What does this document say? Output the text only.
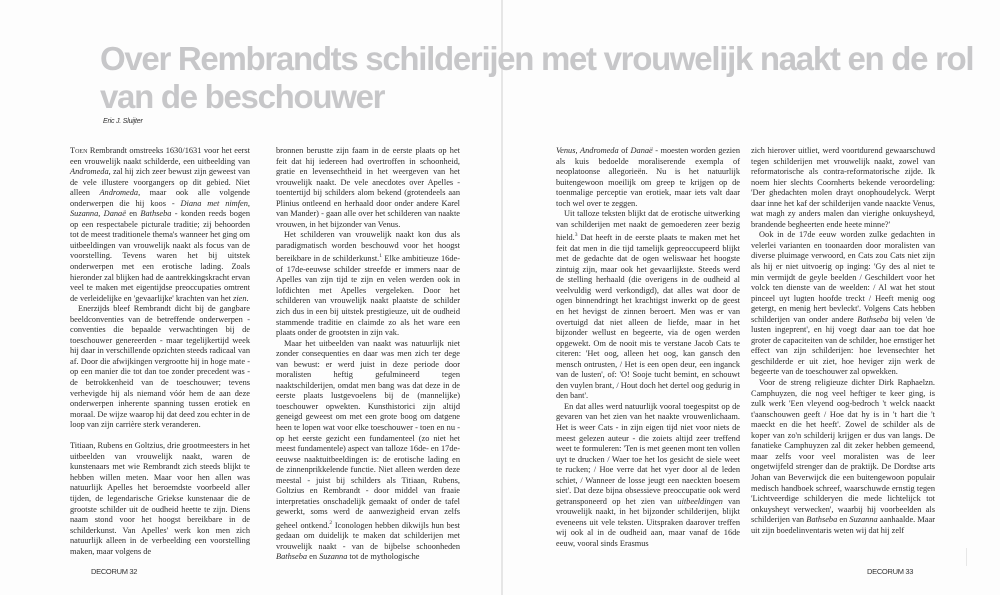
Over Rembrandts schilderijen met vrouwelijk naakt en de rol van de beschouwer
Eric J. Sluijter

Toen Rembrandt omstreeks 1630/1631 voor het eerst een vrouwelijk naakt schilderde, een uitbeelding van Andromeda, zal hij zich zeer bewust zijn geweest van de vele illustere voorgangers op dit gebied. Niet alleen Andromeda, maar ook alle volgende onderwerpen die hij koos - Diana met nimfen, Suzanna, Danaë en Bathseba - konden reeds bogen op een respectabele picturale traditie; zij behoorden tot de meest traditionele thema's wanneer het ging om uitbeeldingen van vrouwelijk naakt als focus van de voorstelling. Tevens waren het bij uitstek onderwerpen met een erotische lading. Zoals hieronder zal blijken had de aantrekkingskracht ervan veel te maken met eigentijdse preoccupaties omtrent de verleidelijke en 'gevaarlijke' krachten van het zien.

Enerzijds bleef Rembrandt dicht bij de gangbare beeldconventies van de betreffende onderwerpen - conventies die bepaalde verwachtingen bij de toeschouwer genereerden - maar tegelijkertijd week hij daar in verschillende opzichten steeds radicaal van af. Door die afwijkingen vergrootte hij in hoge mate - op een manier die tot dan toe zonder precedent was - de betrokkenheid van de toeschouwer; tevens verhevigde hij als niemand vóór hem de aan deze onderwerpen inherente spanning tussen erotiek en moraal. De wijze waarop hij dat deed zou echter in de loop van zijn carrière sterk veranderen.

Titiaan, Rubens en Goltzius, drie grootmeesters in het uitbeelden van vrouwelijk naakt, waren de kunstenaars met wie Rembrandt zich steeds blijkt te hebben willen meten. Maar voor hen allen was natuurlijk Apelles het beroemdste voorbeeld aller tijden, de legendarische Griekse kunstenaar die de grootste schilder uit de oudheid heette te zijn. Diens naam stond voor het hoogst bereikbare in de schilderkunst. Van Apelles' werk kon men zich natuurlijk alleen in de verbeelding een voorstelling maken, maar volgens de

bronnen berustte zijn faam in de eerste plaats op het feit dat hij iedereen had overtroffen in schoonheid, gratie en levensechtheid in het weergeven van het vrouwelijk naakt. De vele anecdotes over Apelles - toentertijd bij schilders alom bekend (grotendeels aan Plinius ontleend en herhaald door onder andere Karel van Mander) - gaan alle over het schilderen van naakte vrouwen, in het bijzonder van Venus.

Het schilderen van vrouwelijk naakt kon dus als paradigmatisch worden beschouwd voor het hoogst bereikbare in de schilderkunst.$^1$ Elke ambitieuze 16de- of 17de-eeuwse schilder streefde er immers naar de Apelles van zijn tijd te zijn en velen werden ook in lofdichten met Apelles vergeleken. Door het schilderen van vrouwelijk naakt plaatste de schilder zich dus in een bij uitstek prestigieuze, uit de oudheid stammende traditie en claimde zo als het ware een plaats onder de grootsten in zijn vak.

Maar het uitbeelden van naakt was natuurlijk niet zonder consequenties en daar was men zich ter dege van bewust: er werd juist in deze periode door moralisten heftig gefulmineerd tegen naaktschilderijen, omdat men bang was dat deze in de eerste plaats lustgevoelens bij de (mannelijke) toeschouwer opwekten. Kunsthistorici zijn altijd geneigd geweest om met een grote boog om datgene heen te lopen wat voor elke toeschouwer - toen en nu - op het eerste gezicht een fundamenteel (zo niet het meest fundamentele) aspect van talloze 16de- en 17de-eeuwse naaktuitbeeldingen is: de erotische lading en de zinnenprikkelende functie. Niet alleen werden deze meestal - juist bij schilders als Titiaan, Rubens, Goltzius en Rembrandt - door middel van fraaie interpretaties onschadelijk gemaakt of onder de tafel gewerkt, soms werd de aanwezigheid ervan zelfs geheel ontkend.$^2$ Iconologen hebben dikwijls hun best gedaan om duidelijk te maken dat schilderijen met vrouwelijk naakt - van de bijbelse schoonheden Bathseba en Suzanna tot de mythologische

Venus, Andromeda of Danaë - moesten worden gezien als kuis bedoelde moraliserende exempla of neoplatoonse allegorieën. Nu is het natuurlijk buitengewoon moeilijk om greep te krijgen op de toenmalige perceptie van erotiek, maar iets valt daar toch wel over te zeggen.

Uit talloze teksten blijkt dat de erotische uitwerking van schilderijen met naakt de gemoederen zeer bezig hield.$^3$ Dat heeft in de eerste plaats te maken met het feit dat men in die tijd tamelijk gepreoccupeerd blijkt met de gedachte dat de ogen weliswaar het hoogste zintuig zijn, maar ook het gevaarlijkste. Steeds werd de stelling herhaald (die overigens in de oudheid al veelvuldig werd verkondigd), dat alles wat door de ogen binnendringt het krachtigst inwerkt op de geest en het hevigst de zinnen beroert. Men was er van overtuigd dat niet alleen de liefde, maar in het bijzonder wellust en begeerte, via de ogen werden opgewekt. Om de nooit mis te verstane Jacob Cats te citeren: 'Het oog, alleen het oog, kan gansch den mensch ontrusten, / Het is een open deur, een inganck van de lusten', of: 'O! Sooje tucht bemint, en schouwt den vuylen brant, / Hout doch het dertel oog gedurig in den bant'.

En dat alles werd natuurlijk vooral toegespitst op de gevaren van het zien van het naakte vrouwenlichaam. Het is weer Cats - in zijn eigen tijd niet voor niets de meest gelezen auteur - die zoiets altijd zeer treffend weet te formuleren: 'Ten is met geenen mont ten vollen uyt te drucken / Waer toe het los gesicht de siele weet te rucken; / Hoe verre dat het vyer door al de leden schiet, / Wanneer de losse jeugt een naeckten boesem siet'. Dat deze bijna obsessieve preoccupatie ook werd getransponeerd op het zien van uitbeeldingen van vrouwelijk naakt, in het bijzonder schilderijen, blijkt eveneens uit vele teksten. Uitspraken daarover treffen wij ook al in de oudheid aan, maar vanaf de 16de eeuw, vooral sinds Erasmus

zich hierover uitliet, werd voortdurend gewaarschuwd tegen schilderijen met vrouwelijk naakt, zowel van reformatorische als contra-reformatorische zijde. Ik noem hier slechts Coornherts bekende veroordeling: 'Der ghedachten molen drayt onophoudelyck. Werpt daar inne het kaf der schilderijen vande naackte Venus, wat magh zy anders malen dan vierighe onkuysheyd, brandende begheerten ende heete minne?'

Ook in de 17de eeuw worden zulke gedachten in velerlei varianten en toonaarden door moralisten van diverse pluimage verwoord, en Cats zou Cats niet zijn als hij er niet uitvoerig op inging: 'Gy des al niet te min vermijdt de geyle beelden / Geschildert voor het volck ten dienste van de weelden: / Al wat het stout pinceel uyt lugten hoofde treckt / Heeft menig oog getergt, en menig hert bevleckt'. Volgens Cats hebben schilderijen van onder andere Bathseba bij velen 'de lusten ingeprent', en hij voegt daar aan toe dat hoe groter de capaciteiten van de schilder, hoe ernstiger het effect van zijn schilderijen: hoe levensechter het geschilderde er uit ziet, hoe heviger zijn werk de begeerte van de toeschouwer zal opwekken.

Voor de streng religieuze dichter Dirk Raphaelzn. Camphuyzen, die nog veel heftiger te keer ging, is zulk werk 'Een vleyend oog-bedroch 't welck naackt t'aanschouwen geeft / Hoe dat hy is in 't hart die 't maeckt en die het heeft'. Zowel de schilder als de koper van zo'n schilderij krijgen er dus van langs. De fanatieke Camphuyzen zal dit zeker hebben gemeend, maar zelfs voor veel moralisten was de leer ongetwijfeld strenger dan de praktijk. De Dordtse arts Johan van Beverwijck die een buitengewoon populair medisch handboek schreef, waarschuwde ernstig tegen 'Lichtveerdige schilderyen die mede lichtelijck tot onkuysheyt verwecken', waarbij hij voorbeelden als schilderijen van Bathseba en Suzanna aanhaalde. Maar uit zijn boedelinventaris weten wij dat hij zelf

DECORUM 32	DECORUM 33
